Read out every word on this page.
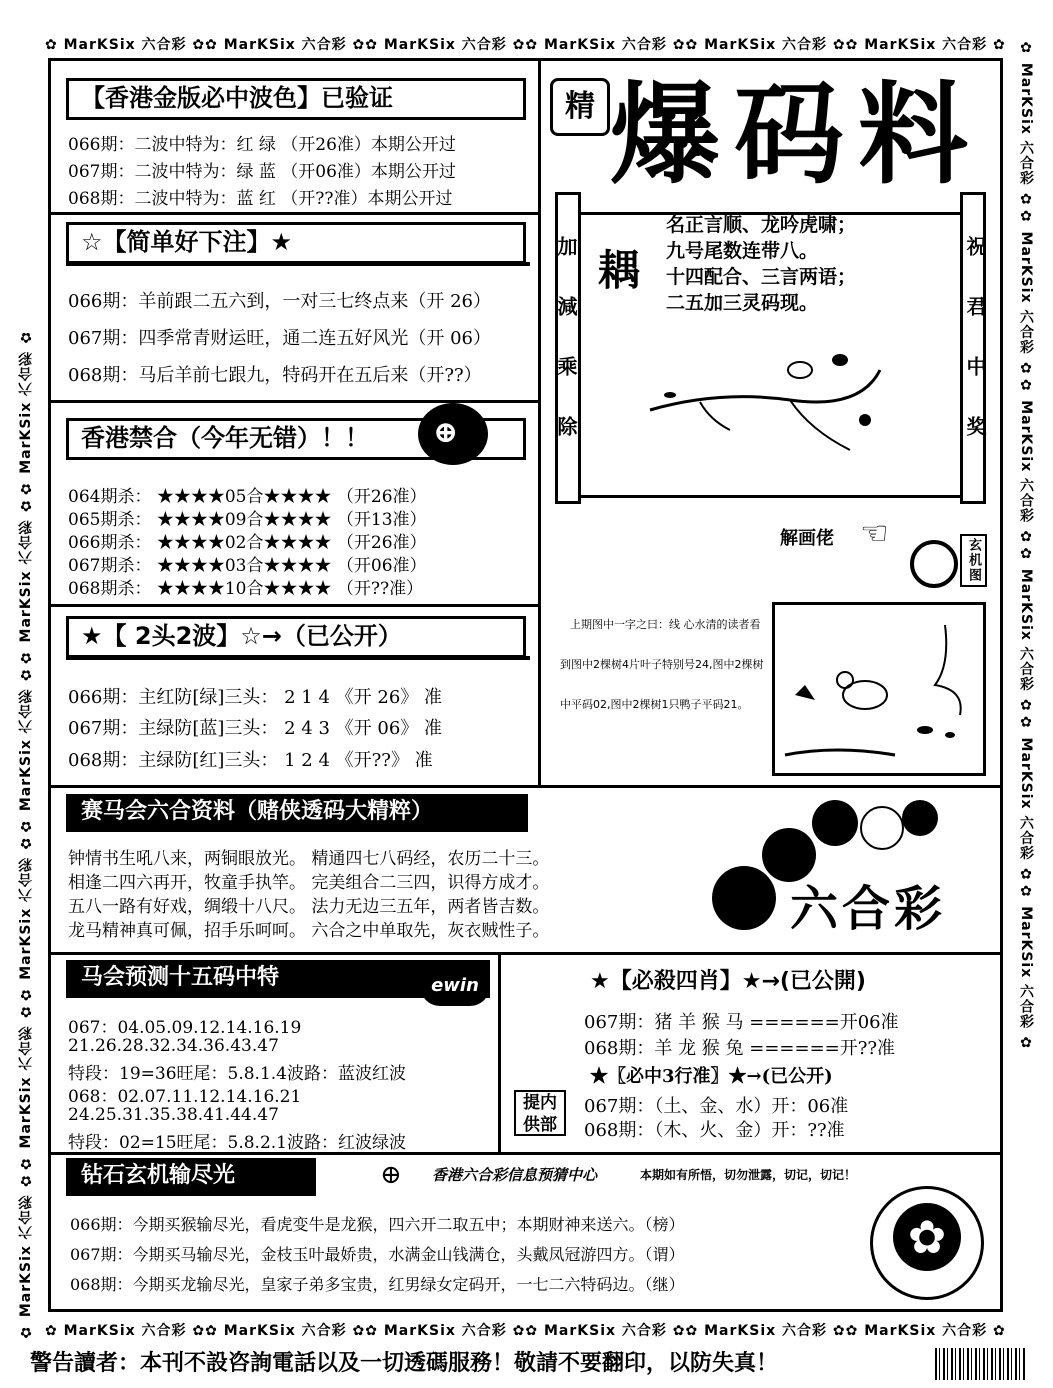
✿ MarKSix 六合彩 ✿✿ MarKSix 六合彩 ✿✿ MarKSix 六合彩 ✿✿ MarKSix 六合彩 ✿✿ MarKSix 六合彩 ✿✿ MarKSix 六合彩 ✿
✿ MarKSix 六合彩 ✿✿ MarKSix 六合彩 ✿✿ MarKSix 六合彩 ✿✿ MarKSix 六合彩 ✿✿ MarKSix 六合彩 ✿✿ MarKSix 六合彩 ✿
✿ MarKSix 六合彩 ✿✿ MarKSix 六合彩 ✿✿ MarKSix 六合彩 ✿✿ MarKSix 六合彩 ✿✿ MarKSix 六合彩 ✿✿ MarKSix 六合彩 ✿	✿ MarKSix 六合彩 ✿✿ MarKSix 六合彩 ✿✿ MarKSix 六合彩 ✿✿ MarKSix 六合彩 ✿✿ MarKSix 六合彩 ✿✿ MarKSix 六合彩 ✿
【香港金版必中波色】已验证
066期：二波中特为：红 绿 （开26准）本期公开过
067期：二波中特为：绿 蓝 （开06准）本期公开过
068期：二波中特为：蓝 红 （开??准）本期公开过
☆【简单好下注】★
066期：羊前跟二五六到，一对三七终点来（开 26）
067期：四季常青财运旺，通二连五好风光（开 06）
068期：马后羊前七跟九，特码开在五后来（开??）
香港禁合（今年无错）！！	⊕
064期杀： ★★★★05合★★★★ （开26准）
065期杀： ★★★★09合★★★★ （开13准）
066期杀： ★★★★02合★★★★ （开26准）
067期杀： ★★★★03合★★★★ （开06准）
068期杀： ★★★★10合★★★★ （开??准）
★【 2头2波】☆→（已公开）
066期：主红防[绿]三头： 2 1 4 《开 26》 准
067期：主绿防[蓝]三头： 2 4 3 《开 06》 准
068期：主绿防[红]三头： 1 2 4 《开??》 准
精 爆码料
加減乘除	祝君中奖
耦
名正言顺、龙吟虎啸；
九号尾数连带八。
十四配合、三言两语；
二五加三灵码现。
解画佬 ☜
玄机图
上期图中一字之曰：线 心水清的读者看
到图中2棵树4片叶子特别号24,图中2棵树
中平码02,图中2棵树1只鸭子平码21。
赛马会六合资料（赌侠透码大精粹）
钟情书生吼八来，两铜眼放光。 精通四七八码经，农历二十三。
相逢二四六再开，牧童手执竿。 完美组合二三四，识得方成才。
五八一路有好戏，绸缎十八尺。 法力无边三五年，两者皆吉数。
龙马精神真可佩，招手乐呵呵。 六合之中单取先，灰衣贼性子。	六合彩
马会预测十五码中特	ewin
067：04.05.09.12.14.16.19
21.26.28.32.34.36.43.47
特段：19=36旺尾：5.8.1.4波路：蓝波红波
068：02.07.11.12.14.16.21
24.25.31.35.38.41.44.47
特段：02=15旺尾：5.8.2.1波路：红波绿波
★【必殺四肖】★→(已公開)
067期：猪 羊 猴 马 ======开06准
068期：羊 龙 猴 兔 ======开??准
★〖必中3行准〗★→(已公开)
067期：（土、金、水）开：06准
068期：（木、火、金）开：??准
提内供部
钻石玄机输尽光	⊕ 香港六合彩信息预猜中心	本期如有所悟，切勿泄露，切记，切记！
066期：今期买猴输尽光，看虎变牛是龙猴，四六开二取五中；本期财神来送六。（榜）
067期：今期买马输尽光，金枝玉叶最娇贵，水满金山钱满仓，头戴凤冠游四方。（谓）
068期：今期买龙输尽光，皇家子弟多宝贵，红男绿女定码开，一七二六特码边。（继）
✿
警告讀者：本刊不設咨詢電話以及一切透碼服務！敬請不要翻印，以防失真！
